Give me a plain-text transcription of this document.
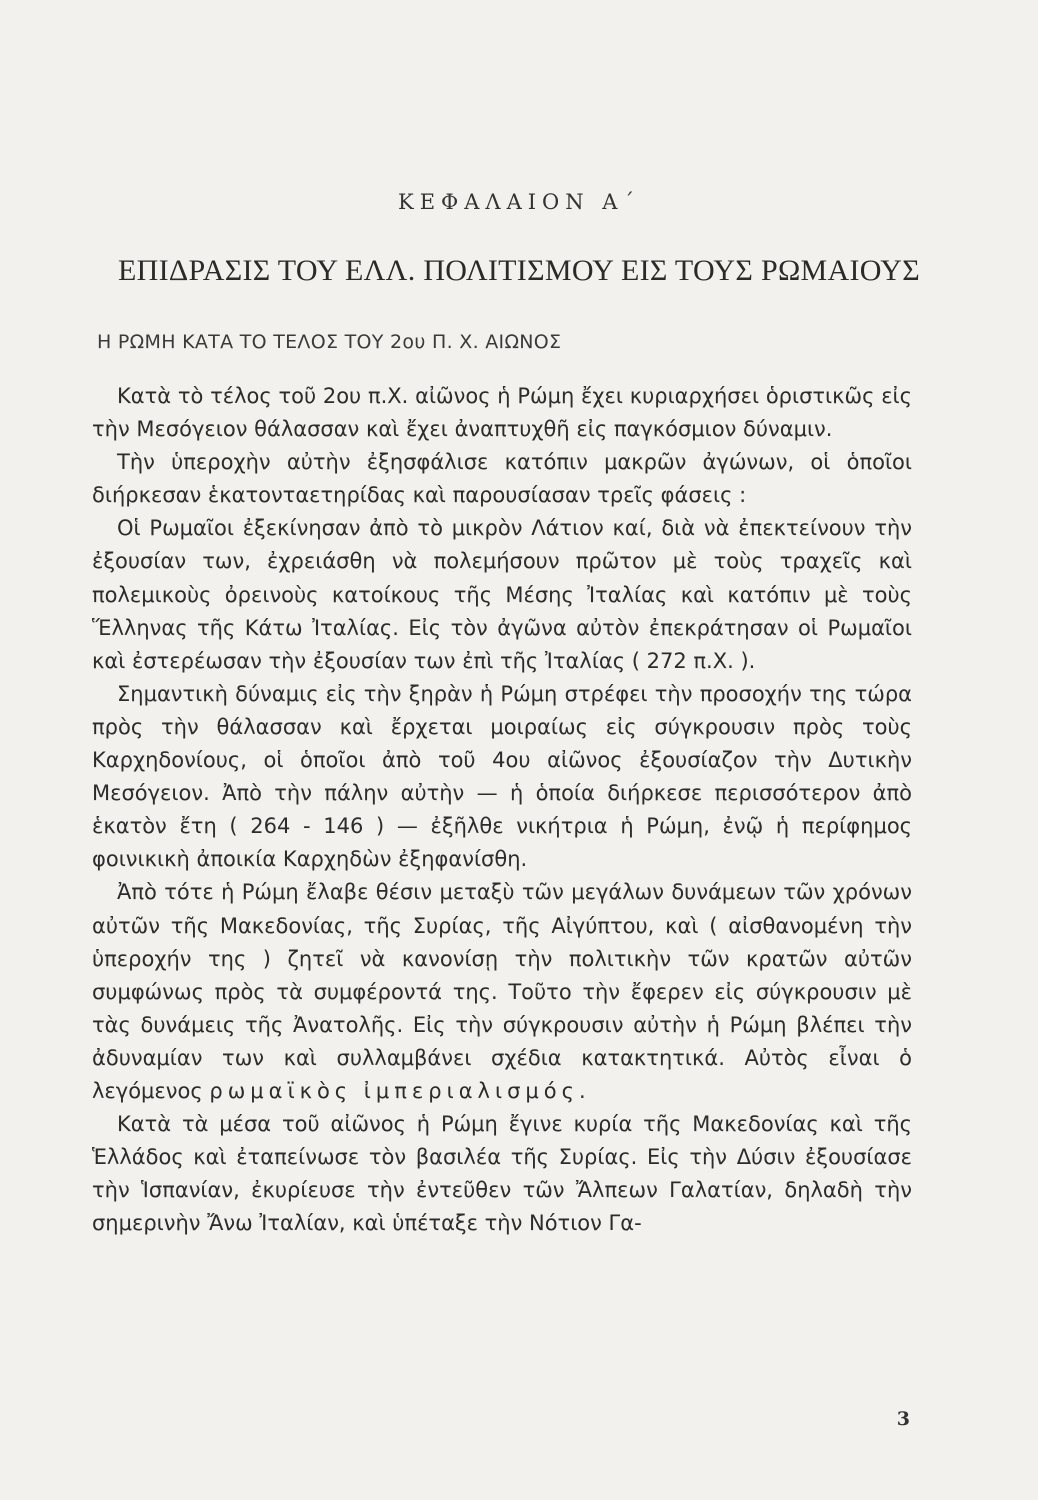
ΚΕΦΑΛΑΙΟΝ Α΄
ΕΠΙΔΡΑΣΙΣ ΤΟΥ ΕΛΛ. ΠΟΛΙΤΙΣΜΟΥ ΕΙΣ ΤΟΥΣ ΡΩΜΑΙΟΥΣ
Η ΡΩΜΗ ΚΑΤΑ ΤΟ ΤΕΛΟΣ ΤΟΥ 2ου Π. Χ. ΑΙΩΝΟΣ

Κατὰ τὸ τέλος τοῦ 2ου π.Χ. αἰῶνος ἡ Ρώμη ἔχει κυριαρχήσει ὁριστικῶς εἰς τὴν Μεσόγειον θάλασσαν καὶ ἔχει ἀναπτυχθῆ εἰς παγκόσμιον δύναμιν.

Τὴν ὑπεροχὴν αὐτὴν ἐξησφάλισε κατόπιν μακρῶν ἀγώνων, οἱ ὁποῖοι διήρκεσαν ἑκατονταετηρίδας καὶ παρουσίασαν τρεῖς φάσεις :

Οἱ Ρωμαῖοι ἐξεκίνησαν ἀπὸ τὸ μικρὸν Λάτιον καί, διὰ νὰ ἐπεκτείνουν τὴν ἐξουσίαν των, ἐχρειάσθη νὰ πολεμήσουν πρῶτον μὲ τοὺς τραχεῖς καὶ πολεμικοὺς ὀρεινοὺς κατοίκους τῆς Μέσης Ἰταλίας καὶ κατόπιν μὲ τοὺς Ἕλληνας τῆς Κάτω Ἰταλίας. Εἰς τὸν ἀγῶνα αὐτὸν ἐπεκράτησαν οἱ Ρωμαῖοι καὶ ἐστερέωσαν τὴν ἐξουσίαν των ἐπὶ τῆς Ἰταλίας ( 272 π.Χ. ).

Σημαντικὴ δύναμις εἰς τὴν ξηρὰν ἡ Ρώμη στρέφει τὴν προσοχήν της τώρα πρὸς τὴν θάλασσαν καὶ ἔρχεται μοιραίως εἰς σύγκρουσιν πρὸς τοὺς Καρχηδονίους, οἱ ὁποῖοι ἀπὸ τοῦ 4ου αἰῶνος ἐξουσίαζον τὴν Δυτικὴν Μεσόγειον. Ἀπὸ τὴν πάλην αὐτὴν — ἡ ὁποία διήρκεσε περισσότερον ἀπὸ ἑκατὸν ἔτη ( 264 - 146 ) — ἐξῆλθε νικήτρια ἡ Ρώμη, ἐνῷ ἡ περίφημος φοινικικὴ ἀποικία Καρχηδὼν ἐξηφανίσθη.

Ἀπὸ τότε ἡ Ρώμη ἔλαβε θέσιν μεταξὺ τῶν μεγάλων δυνάμεων τῶν χρόνων αὐτῶν τῆς Μακεδονίας, τῆς Συρίας, τῆς Αἰγύπτου, καὶ ( αἰσθανομένη τὴν ὑπεροχήν της ) ζητεῖ νὰ κανονίσῃ τὴν πολιτικὴν τῶν κρατῶν αὐτῶν συμφώνως πρὸς τὰ συμφέροντά της. Τοῦτο τὴν ἔφερεν εἰς σύγκρουσιν μὲ τὰς δυνάμεις τῆς Ἀνατολῆς. Εἰς τὴν σύγκρουσιν αὐτὴν ἡ Ρώμη βλέπει τὴν ἀδυναμίαν των καὶ συλλαμβάνει σχέδια κατακτητικά. Αὐτὸς εἶναι ὁ λεγόμενος ρωμαϊκὸς ἰμπεριαλισμός.

Κατὰ τὰ μέσα τοῦ αἰῶνος ἡ Ρώμη ἔγινε κυρία τῆς Μακεδονίας καὶ τῆς Ἑλλάδος καὶ ἐταπείνωσε τὸν βασιλέα τῆς Συρίας. Εἰς τὴν Δύσιν ἐξουσίασε τὴν Ἱσπανίαν, ἐκυρίευσε τὴν ἐντεῦθεν τῶν Ἄλπεων Γαλατίαν, δηλαδὴ τὴν σημερινὴν Ἄνω Ἰταλίαν, καὶ ὑπέταξε τὴν Νότιον Γα-

3
